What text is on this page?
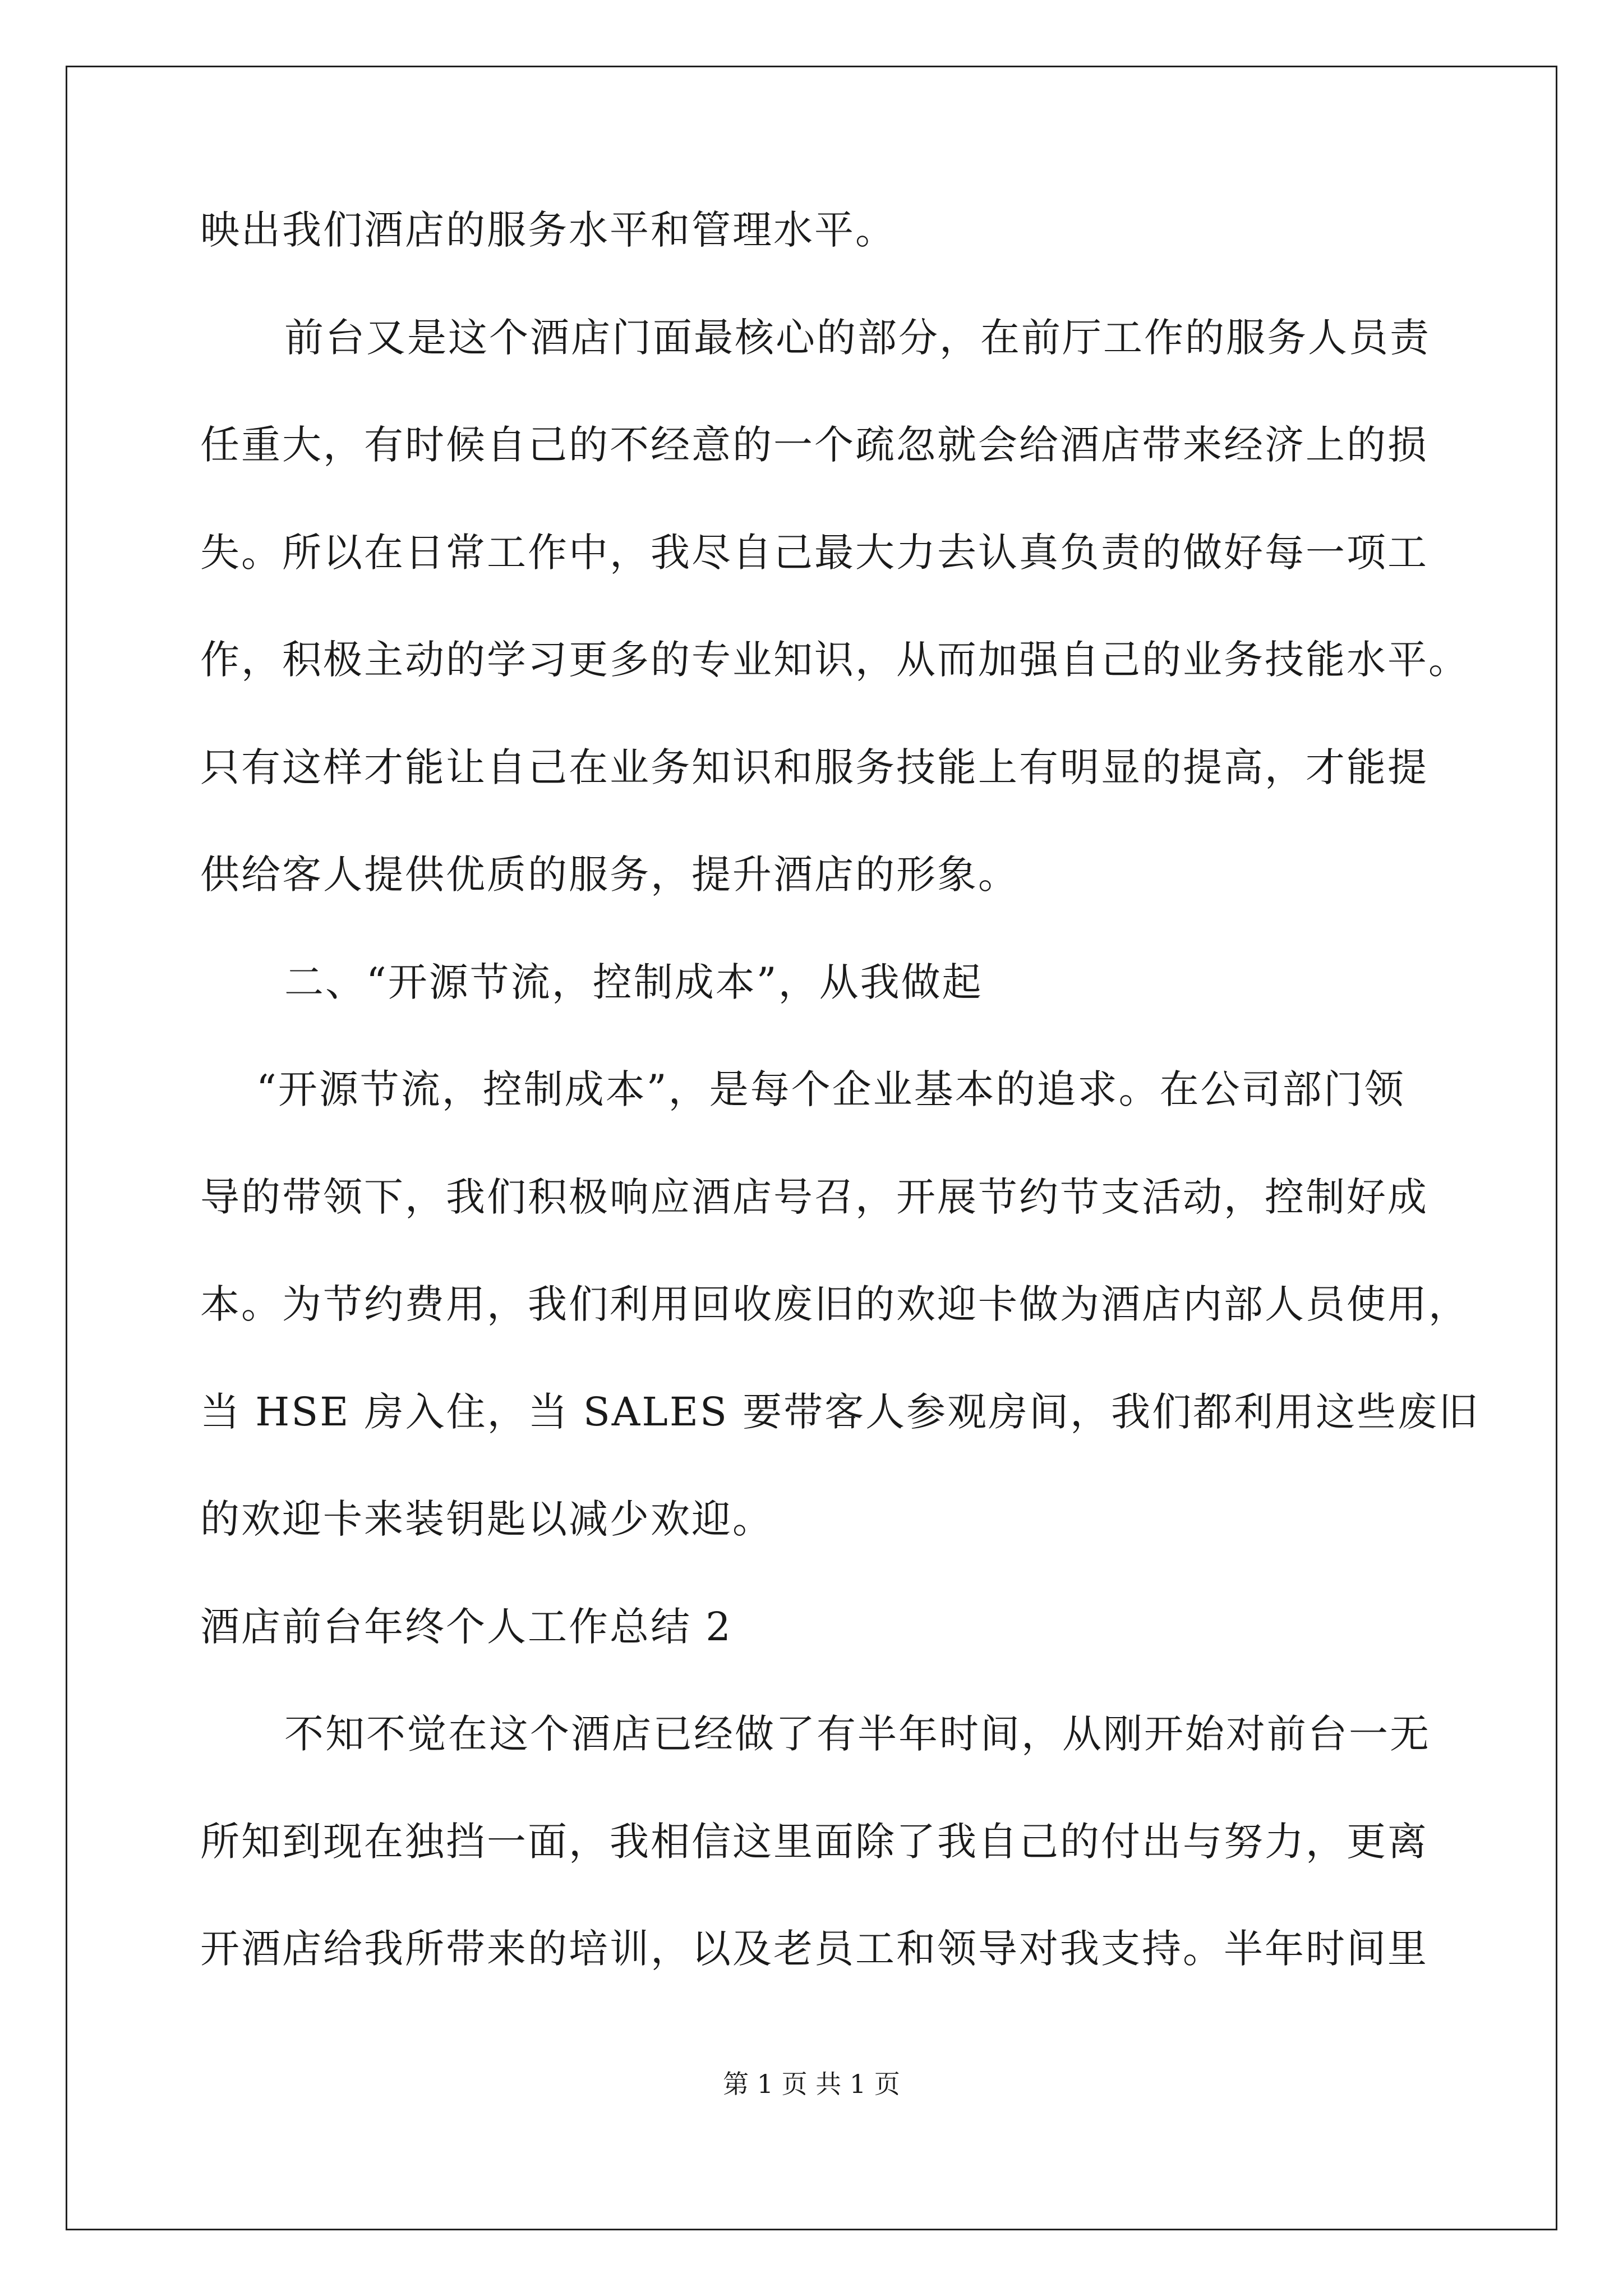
映出我们酒店的服务水平和管理水平。

前台又是这个酒店门面最核心的部分，在前厅工作的服务人员责

任重大，有时候自己的不经意的一个疏忽就会给酒店带来经济上的损

失。所以在日常工作中，我尽自己最大力去认真负责的做好每一项工

作，积极主动的学习更多的专业知识，从而加强自己的业务技能水平。

只有这样才能让自己在业务知识和服务技能上有明显的提高，才能提

供给客人提供优质的服务，提升酒店的形象。

二、“开源节流，控制成本”，从我做起

“开源节流，控制成本”，是每个企业基本的追求。在公司部门领

导的带领下，我们积极响应酒店号召，开展节约节支活动，控制好成

本。为节约费用，我们利用回收废旧的欢迎卡做为酒店内部人员使用，

当 HSE 房入住，当 SALES 要带客人参观房间，我们都利用这些废旧

的欢迎卡来装钥匙以减少欢迎。

酒店前台年终个人工作总结 2

不知不觉在这个酒店已经做了有半年时间，从刚开始对前台一无

所知到现在独挡一面，我相信这里面除了我自己的付出与努力，更离

开酒店给我所带来的培训，以及老员工和领导对我支持。半年时间里

第 1 页 共 1 页
